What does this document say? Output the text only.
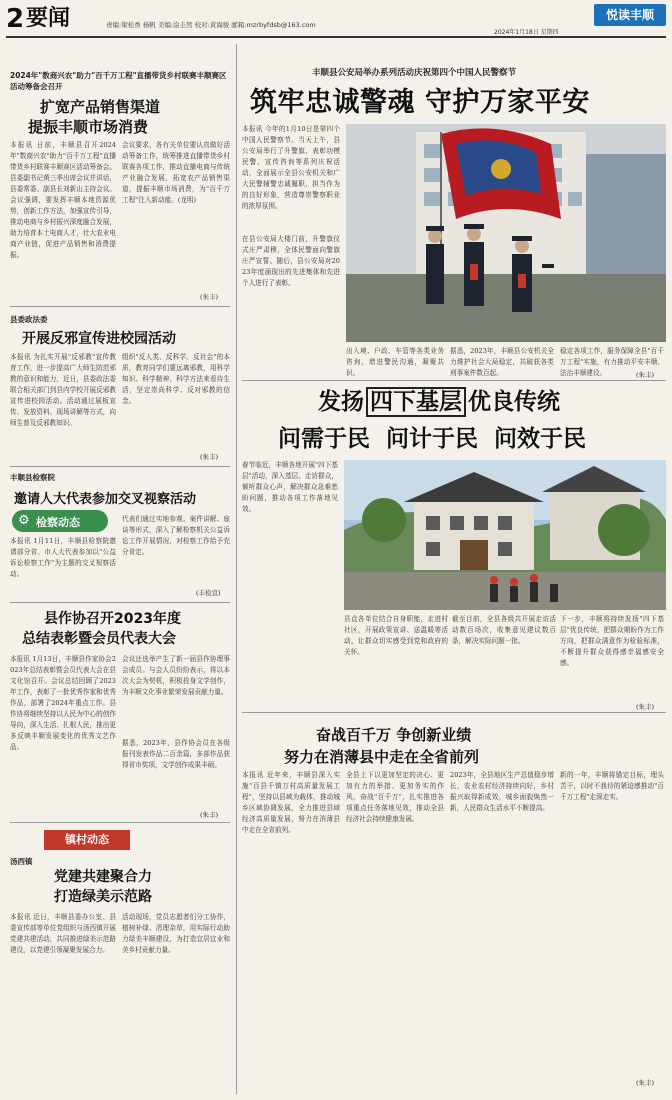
2 要闻	责编:梁松香 杨帆 美编:涂圭然 校对:黄海骏 邮箱:mzrbyfdsb@163.com
悦读丰顺
2024年1月18日 星期四
2024年"数商兴农"助力"百千万工程"直播带货乡村联赛丰顺赛区活动筹备会召开
扩宽产品销售渠道
提振丰顺市场消费
本报讯 日前，丰顺县召开2024年"数商兴农"助力"百千万工程"直播带货乡村联赛丰顺赛区活动筹备会。县委副书记黄三季出席会议并讲话，县委常委、副县长刘新山主持会议。会议强调，要发挥丰顺本地资源优势，创新工作方法，加强宣传引导，推动电商与乡村振兴深度融合发展，助力培育本土电商人才，壮大农业电商产业链，促进产品销售和消费提振。
会议要求，各有关单位要认真做好活动筹备工作，统筹推进直播带货乡村联赛各项工作，推动直播电商与传统产业融合发展，拓宽农产品销售渠道，提振丰顺市场消费，为"百千万工程"注入新动能。(龙明)
(朱丰)
县委政法委
开展反邪宣传进校园活动
本报讯 为扎实开展"反邪教"宣传教育工作，进一步提高广大师生防范邪教的意识和能力，近日，县委政法委联合相关部门到县内学校开展反邪教宣传进校园活动。活动通过展板宣传、发放资料、现场讲解等方式，向师生普及反邪教知识。
组织"反人类、反科学、反社会"的本质，教育同学们要远离邪教，用科学知识、科学精神、科学方法来看待生活，坚定崇尚科学、反对邪教的信念。
(朱丰)
丰顺县检察院
邀请人大代表参加交叉视察活动
⚙ 检察动态
本报讯 1月11日，丰顺县检察院邀请部分省、市人大代表参加以"公益诉讼检察工作"为主题的交叉视察活动。
代表们通过实地参观、案件讲解、座谈等形式，深入了解检察机关公益诉讼工作开展情况，对检察工作给予充分肯定。
(丰检宣)
县作协召开2023年度
总结表彰暨会员代表大会
本报讯 1月13日，丰顺县作家协会2023年总结表彰暨会员代表大会在县文化馆召开。会议总结回顾了2023年工作，表彰了一批优秀作家和优秀作品，部署了2024年重点工作。县作协将继续坚持以人民为中心的创作导向，深入生活、扎根人民，推出更多反映丰顺发展变化的优秀文艺作品。
会议还选举产生了新一届县作协理事会成员。与会人员纷纷表示，将以本次大会为契机，积极投身文学创作，为丰顺文化事业繁荣发展贡献力量。
据悉，2023年，县作协会员在各级报刊发表作品二百余篇，多部作品获得省市奖项，文学创作成果丰硕。
(朱丰)
镇村动态
汤西镇
党建共建聚合力
打造绿美示范路
本报讯 近日，丰顺县委办公室、县委宣传部等单位党组织与汤西镇开展党建共建活动，共同推进绿美示范路建设，以党建引领凝聚发展合力。
活动现场，党员志愿者们分工协作，植树补绿、清理杂草，用实际行动助力绿美丰顺建设，为打造宜居宜业和美乡村贡献力量。
丰顺县公安局举办系列活动庆祝第四个中国人民警察节
筑牢忠诚警魂 守护万家平安
本报讯 今年的1月10日是第四个中国人民警察节。当天上午，县公安局举行了升警旗、表彰功模民警、宣传咨询等系列庆祝活动，全面展示全县公安机关和广大民警辅警忠诚履职、担当作为的良好形象，营造尊崇警察职业的浓厚氛围。
在县公安局大楼门前，升警旗仪式庄严肃穆，全体民警面向警旗庄严宣誓。随后，县公安局对2023年度涌现出的先进集体和先进个人进行了表彰。
出入境、户政、车管等各类业务咨询，增进警民沟通，凝聚共识。
据悉，2023年，丰顺县公安机关全力维护社会大局稳定，共破获各类刑事案件数百起。
稳定各项工作，服务保障全县"百千万工程"实施，有力推动平安丰顺、法治丰顺建设。	(朱丰)
发扬 四下基层 优良传统
问需于民  问计于民  问效于民
春节临近，丰顺各地开展"四下基层"活动，深入基层、走访群众，倾听群众心声，解决群众急难愁盼问题，推动各项工作落地见效。
县直各单位结合自身职能，走进村社区，开展政策宣讲、送温暖等活动，让群众切实感受到党和政府的关怀。
截至目前，全县各级共开展走访活动数百场次，收集意见建议数百条，解决实际问题一批。
下一步，丰顺将持续发扬"四下基层"优良传统，把群众期盼作为工作方向，把群众满意作为检验标准，不断提升群众获得感幸福感安全感。
(朱丰)
奋战百千万 争创新业绩
努力在消薄县中走在全省前列
本报讯 近年来，丰顺县深入实施"百县千镇万村高质量发展工程"，坚持以县域为载体，推动城乡区域协调发展，全力推进县域经济高质量发展，努力在消薄县中走在全省前列。
全县上下以更加坚定的决心、更加有力的举措、更加务实的作风，奋战"百千万"，扎实推进各项重点任务落地见效，推动全县经济社会持续健康发展。
2023年，全县地区生产总值稳步增长，农业农村经济持续向好，乡村振兴取得新成效，城乡面貌焕然一新，人民群众生活水平不断提高。
新的一年，丰顺将锚定目标，埋头苦干，以时不我待的紧迫感推动"百千万工程"走深走实。
(朱丰)
